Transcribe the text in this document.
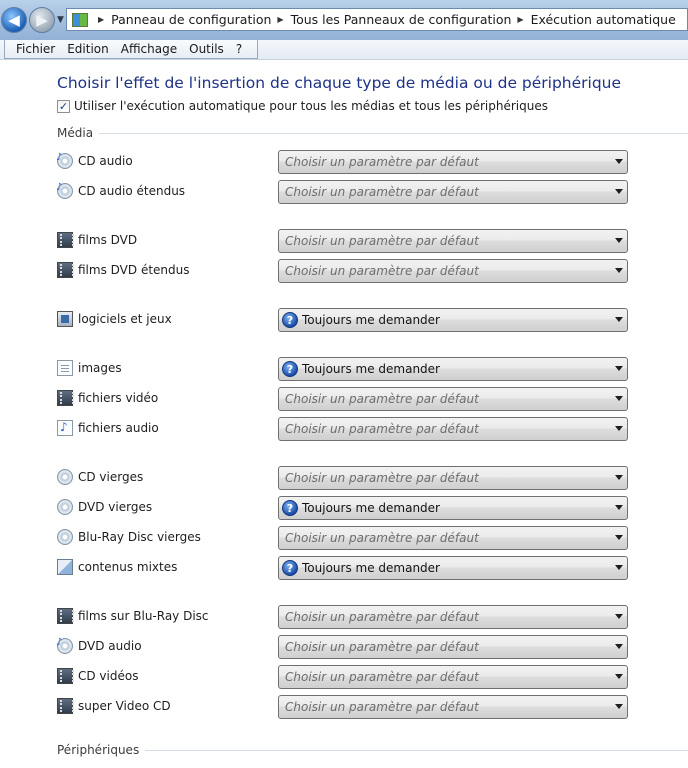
◀ ▶ ▼	▶ Panneau de configuration ▶ Tous les Panneaux de configuration ▶ Exécution automatique
Fichier	Edition	Affichage	Outils	?
Choisir l'effet de l'insertion de chaque type de média ou de périphérique
✓ Utiliser l'exécution automatique pour tous les médias et tous les périphériques
Média
♪
CD audio	Choisir un paramètre par défaut
♪
CD audio étendus	Choisir un paramètre par défaut
films DVD	Choisir un paramètre par défaut
films DVD étendus	Choisir un paramètre par défaut
logiciels et jeux	? Toujours me demander
images	? Toujours me demander
fichiers vidéo	Choisir un paramètre par défaut
♪
fichiers audio	Choisir un paramètre par défaut
CD vierges	Choisir un paramètre par défaut
DVD vierges	? Toujours me demander
Blu-Ray Disc vierges	Choisir un paramètre par défaut
contenus mixtes	? Toujours me demander
films sur Blu-Ray Disc	Choisir un paramètre par défaut
♪
DVD audio	Choisir un paramètre par défaut
CD vidéos	Choisir un paramètre par défaut
super Video CD	Choisir un paramètre par défaut
Périphériques
